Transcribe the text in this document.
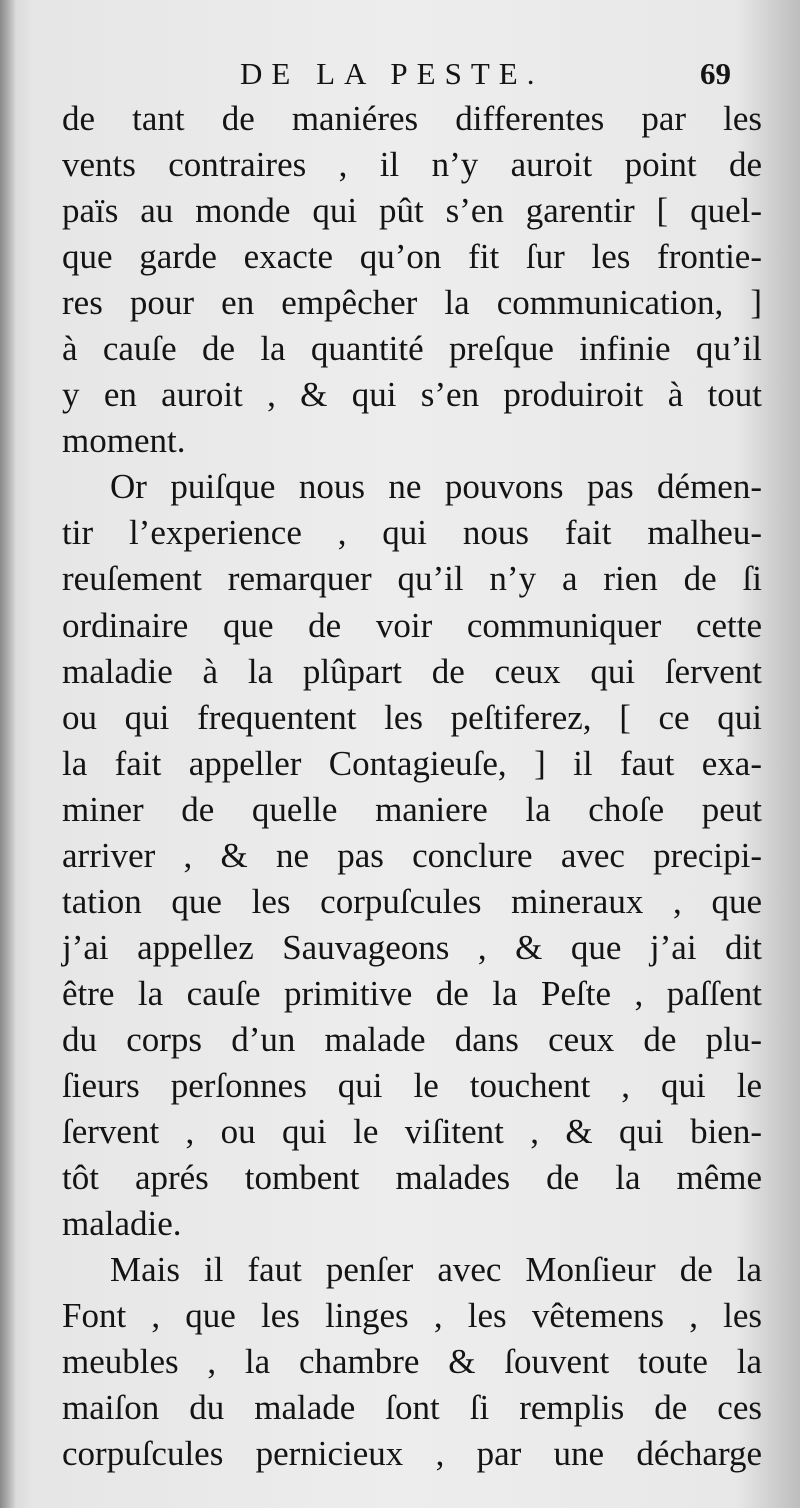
DE LA PESTE.	69
de tant de maniéres differentes par les
vents contraires , il n’y auroit point de
païs au monde qui pût s’en garentir [ quel-
que garde exacte qu’on fit ſur les frontie-
res pour en empêcher la communication, ]
à cauſe de la quantité preſque infinie qu’il
y en auroit , & qui s’en produiroit à tout
moment.
Or puiſque nous ne pouvons pas démen-
tir l’experience , qui nous fait malheu-
reuſement remarquer qu’il n’y a rien de ſi
ordinaire que de voir communiquer cette
maladie à la plûpart de ceux qui ſervent
ou qui frequentent les peſtiferez, [ ce qui
la fait appeller Contagieuſe, ] il faut exa-
miner de quelle maniere la choſe peut
arriver , & ne pas conclure avec precipi-
tation que les corpuſcules mineraux , que
j’ai appellez Sauvageons , & que j’ai dit
être la cauſe primitive de la Peſte , paſſent
du corps d’un malade dans ceux de plu-
ſieurs perſonnes qui le touchent , qui le
ſervent , ou qui le viſitent , & qui bien-
tôt aprés tombent malades de la même
maladie.
Mais il faut penſer avec Monſieur de la
Font , que les linges , les vêtemens , les
meubles , la chambre & ſouvent toute la
maiſon du malade ſont ſi remplis de ces
corpuſcules pernicieux , par une décharge
